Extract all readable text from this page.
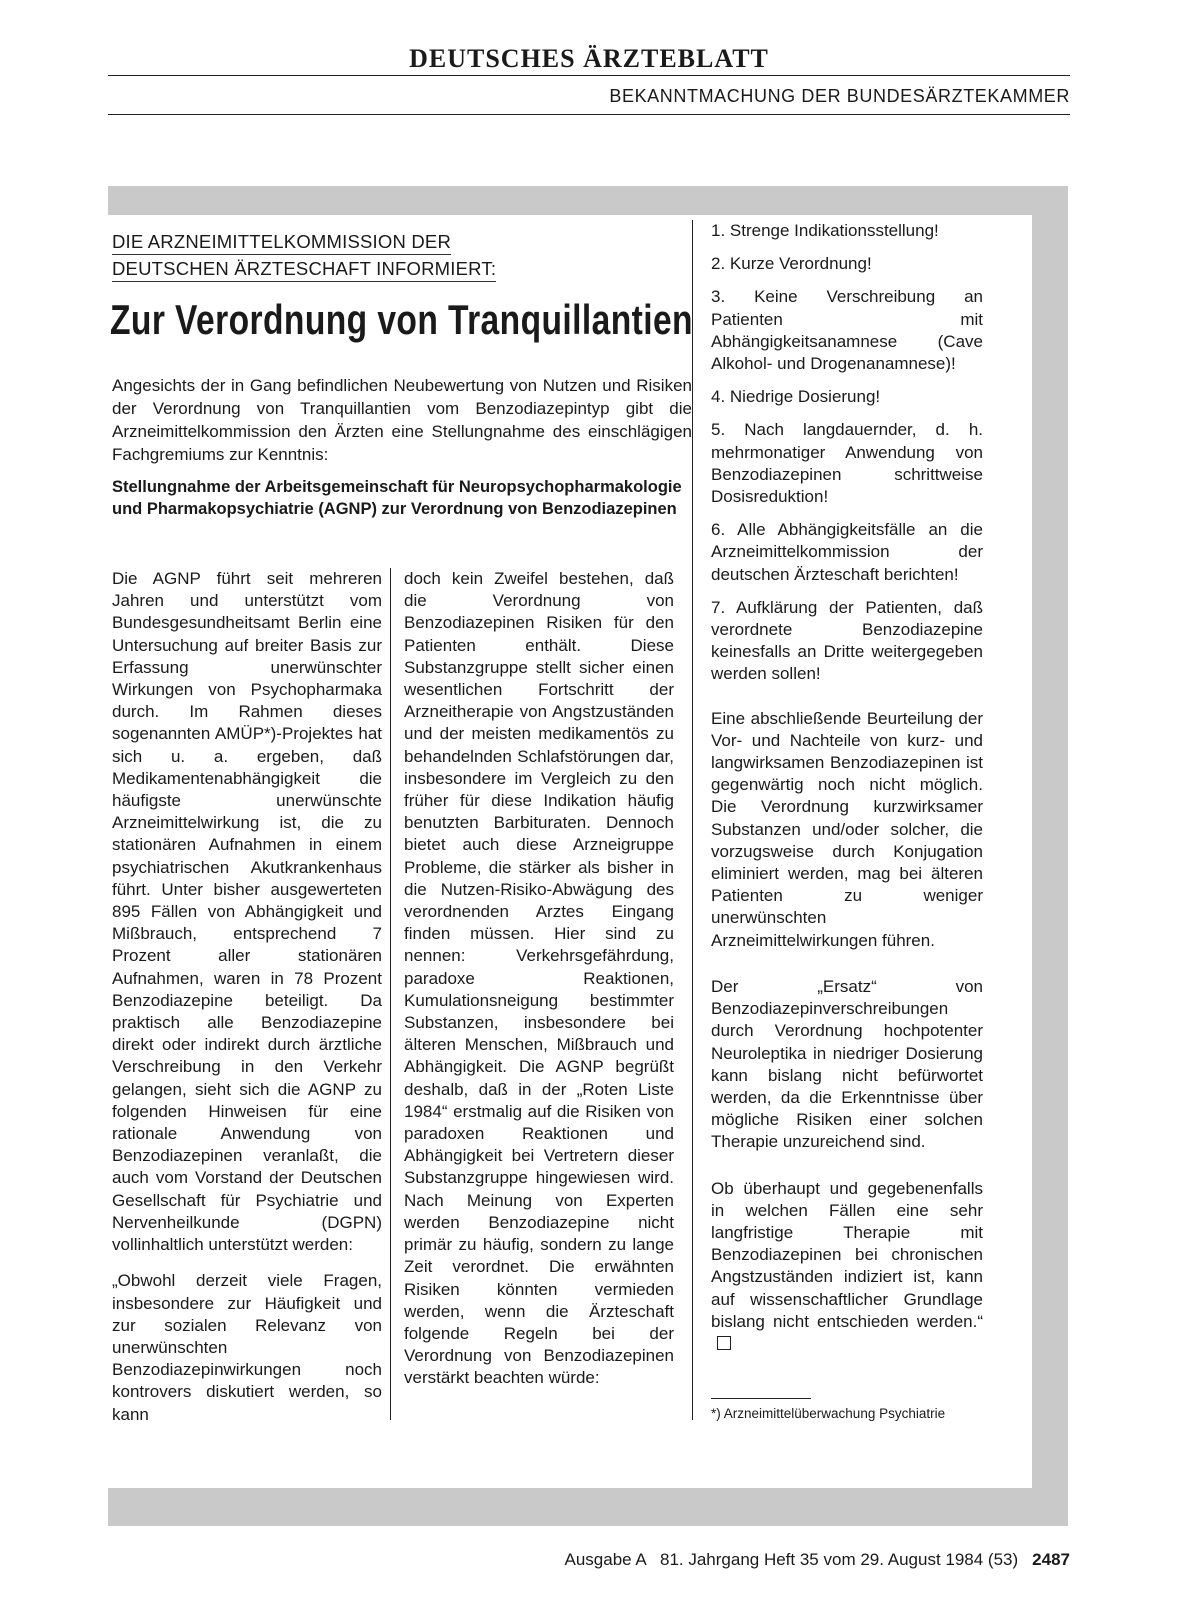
DEUTSCHES ÄRZTEBLATT
BEKANNTMACHUNG DER BUNDESÄRZTEKAMMER
DIE ARZNEIMITTELKOMMISSION DER
DEUTSCHEN ÄRZTESCHAFT INFORMIERT:
Zur Verordnung von Tranquillantien
Angesichts der in Gang befindlichen Neubewertung von Nutzen und Risiken der Verordnung von Tranquillantien vom Benzodiazepintyp gibt die Arzneimittelkommission den Ärzten eine Stellungnahme des einschlägigen Fachgremiums zur Kenntnis:
Stellungnahme der Arbeitsgemeinschaft für Neuropsychopharmakologie und Pharmakopsychiatrie (AGNP) zur Verordnung von Benzodiazepinen

Die AGNP führt seit mehreren Jahren und unterstützt vom Bundesgesundheitsamt Berlin eine Untersuchung auf breiter Basis zur Erfassung unerwünschter Wirkungen von Psychopharmaka durch. Im Rahmen dieses sogenannten AMÜP*)-Projektes hat sich u. a. ergeben, daß Medikamentenabhängigkeit die häufigste unerwünschte Arzneimittelwirkung ist, die zu stationären Aufnahmen in einem psychiatrischen Akutkrankenhaus führt. Unter bisher ausgewerteten 895 Fällen von Abhängigkeit und Mißbrauch, entsprechend 7 Prozent aller stationären Aufnahmen, waren in 78 Prozent Benzodiazepine beteiligt. Da praktisch alle Benzodiazepine direkt oder indirekt durch ärztliche Verschreibung in den Verkehr gelangen, sieht sich die AGNP zu folgenden Hinweisen für eine rationale Anwendung von Benzodiazepinen veranlaßt, die auch vom Vorstand der Deutschen Gesellschaft für Psychiatrie und Nervenheilkunde (DGPN) vollinhaltlich unterstützt werden:

„Obwohl derzeit viele Fragen, insbesondere zur Häufigkeit und zur sozialen Relevanz von unerwünschten Benzodiazepinwirkungen noch kontrovers diskutiert werden, so kann

doch kein Zweifel bestehen, daß die Verordnung von Benzodiazepinen Risiken für den Patienten enthält. Diese Substanzgruppe stellt sicher einen wesentlichen Fortschritt der Arzneitherapie von Angstzuständen und der meisten medikamentös zu behandelnden Schlafstörungen dar, insbesondere im Vergleich zu den früher für diese Indikation häufig benutzten Barbituraten. Dennoch bietet auch diese Arzneigruppe Probleme, die stärker als bisher in die Nutzen-Risiko-Abwägung des verordnenden Arztes Eingang finden müssen. Hier sind zu nennen: Verkehrsgefährdung, paradoxe Reaktionen, Kumulationsneigung bestimmter Substanzen, insbesondere bei älteren Menschen, Mißbrauch und Abhängigkeit. Die AGNP begrüßt deshalb, daß in der „Roten Liste 1984“ erstmalig auf die Risiken von paradoxen Reaktionen und Abhängigkeit bei Vertretern dieser Substanzgruppe hingewiesen wird. Nach Meinung von Experten werden Benzodiazepine nicht primär zu häufig, sondern zu lange Zeit verordnet. Die erwähnten Risiken könnten vermieden werden, wenn die Ärzteschaft folgende Regeln bei der Verordnung von Benzodiazepinen verstärkt beachten würde:

1. Strenge Indikationsstellung!
2. Kurze Verordnung!
3. Keine Verschreibung an Patienten mit Abhängigkeitsanamnese (Cave Alkohol- und Drogenanamnese)!
4. Niedrige Dosierung!
5. Nach langdauernder, d. h. mehrmonatiger Anwendung von Benzodiazepinen schrittweise Dosisreduktion!
6. Alle Abhängigkeitsfälle an die Arzneimittelkommission der deutschen Ärzteschaft berichten!
7. Aufklärung der Patienten, daß verordnete Benzodiazepine keinesfalls an Dritte weitergegeben werden sollen!

Eine abschließende Beurteilung der Vor- und Nachteile von kurz- und langwirksamen Benzodiazepinen ist gegenwärtig noch nicht möglich. Die Verordnung kurzwirksamer Substanzen und/oder solcher, die vorzugsweise durch Konjugation eliminiert werden, mag bei älteren Patienten zu weniger unerwünschten Arzneimittelwirkungen führen.

Der „Ersatz“ von Benzodiazepinverschreibungen durch Verordnung hochpotenter Neuroleptika in niedriger Dosierung kann bislang nicht befürwortet werden, da die Erkenntnisse über mögliche Risiken einer solchen Therapie unzureichend sind.

Ob überhaupt und gegebenenfalls in welchen Fällen eine sehr langfristige Therapie mit Benzodiazepinen bei chronischen Angstzuständen indiziert ist, kann auf wissenschaftlicher Grundlage bislang nicht entschieden werden.“

*) Arzneimittelüberwachung Psychiatrie
Ausgabe A   81. Jahrgang Heft 35 vom 29. August 1984 (53) 2487
